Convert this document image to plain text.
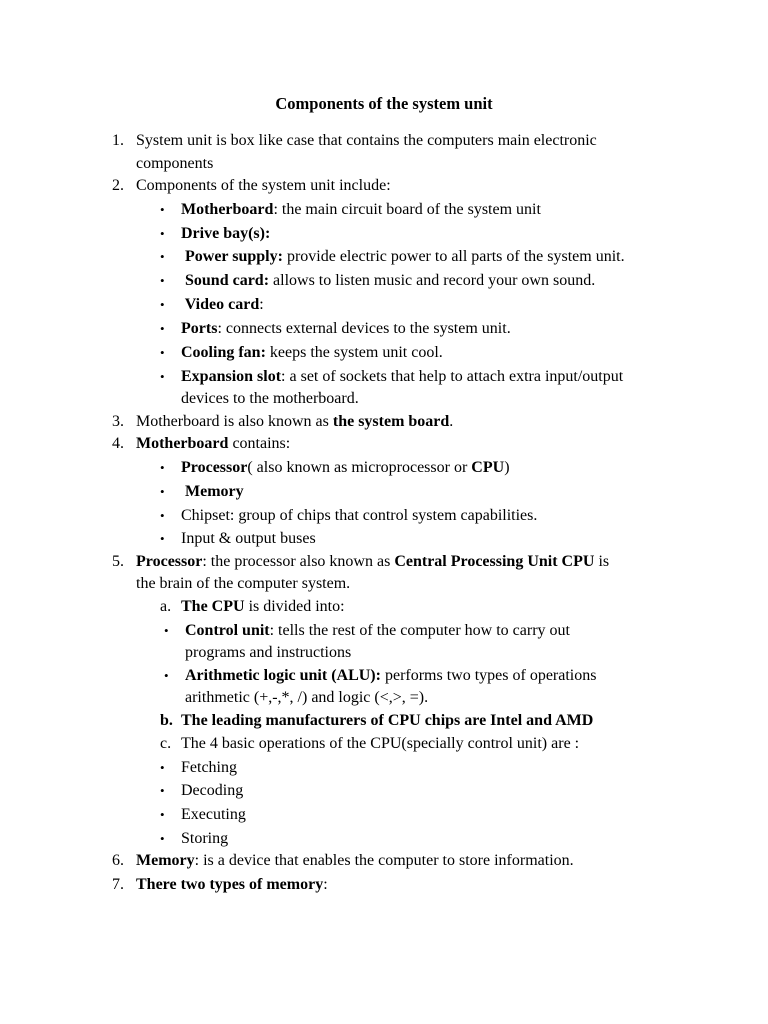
Components of the system unit
1. System unit is box like case that contains the computers main electronic
components
2. Components of the system unit include:
• Motherboard: the main circuit board of the system unit
• Drive bay(s):
• Power supply: provide electric power to all parts of the system unit.
• Sound card: allows to listen music and record your own sound.
• Video card:
• Ports: connects external devices to the system unit.
• Cooling fan: keeps the system unit cool.
• Expansion slot: a set of sockets that help to attach extra input/output
devices to the motherboard.
3. Motherboard is also known as the system board.
4. Motherboard contains:
• Processor( also known as microprocessor or CPU)
• Memory
• Chipset: group of chips that control system capabilities.
• Input & output buses
5. Processor: the processor also known as Central Processing Unit CPU is
the brain of the computer system.
a. The CPU is divided into:
• Control unit: tells the rest of the computer how to carry out
programs and instructions
• Arithmetic logic unit (ALU): performs two types of operations
arithmetic (+,-,*, /) and logic (<,>, =).
b. The leading manufacturers of CPU chips are Intel and AMD
c. The 4 basic operations of the CPU(specially control unit) are :
• Fetching
• Decoding
• Executing
• Storing
6. Memory: is a device that enables the computer to store information.
7. There two types of memory:
